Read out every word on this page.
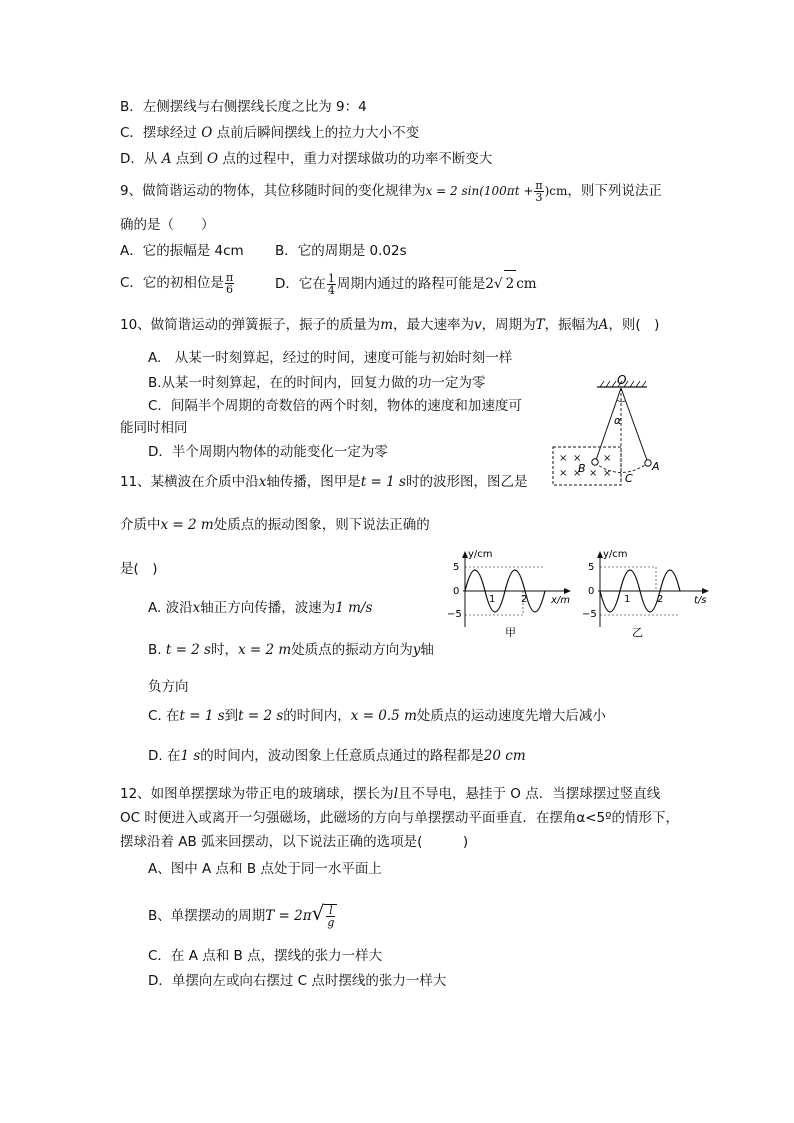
B．左侧摆线与右侧摆线长度之比为 9：4
C．摆球经过 O 点前后瞬间摆线上的拉力大小不变
D．从 A 点到 O 点的过程中，重力对摆球做功的功率不断变大
9、做简谐运动的物体，其位移随时间的变化规律为x = 2 $\sin(100\pi t + \frac{\pi}{3} )cm$，则下列说法正
确的是（　　）
A．它的振幅是 4cm B．它的周期是 0.02s
C．它的初相位是 $\frac{\pi}{6}$	D．它在 $\frac{1}{4}$ 周期内通过的路程可能是2√ 2 cm
10、做简谐运动的弹簧振子，振子的质量为m，最大速率为v，周期为T，振幅为A，则(　)
A.　从某一时刻算起，经过的时间，速度可能与初始时刻一样
B.从某一时刻算起，在的时间内，回复力做的功一定为零
C．间隔半个周期的奇数倍的两个时刻，物体的速度和加速度可
能同时相同
D．半个周期内物体的动能变化一定为零
O
α
× × ×
× × × ×
B	A
C
11、某横波在介质中沿x轴传播，图甲是t = 1 s时的波形图，图乙是
介质中x = 2 m处质点的振动图象，则下说法正确的
是(　)
A. 波沿x轴正方向传播，波速为1 m/s
B. t = 2 s时，x = 2 m处质点的振动方向为y轴
负方向
C. 在t = 1 s到t = 2 s的时间内，x = 0.5 m处质点的运动速度先增大后减小
D. 在1 s的时间内，波动图象上任意质点通过的路程都是20 cm
y/cm
5
0
−5
1	2 x/m
甲
y/cm
5
0
−5
1	2	t/s
乙
12、如图单摆摆球为带正电的玻璃球，摆长为l且不导电，悬挂于 O 点．当摆球摆过竖直线
OC 时便进入或离开一匀强磁场，此磁场的方向与单摆摆动平面垂直．在摆角α<5º的情形下，
摆球沿着 AB 弧来回摆动，以下说法正确的选项是(　　　)
A、图中 A 点和 B 点处于同一水平面上
B、单摆摆动的周期$T = 2\pi√ \frac{l}{g}$
C．在 A 点和 B 点，摆线的张力一样大
D．单摆向左或向右摆过 C 点时摆线的张力一样大
